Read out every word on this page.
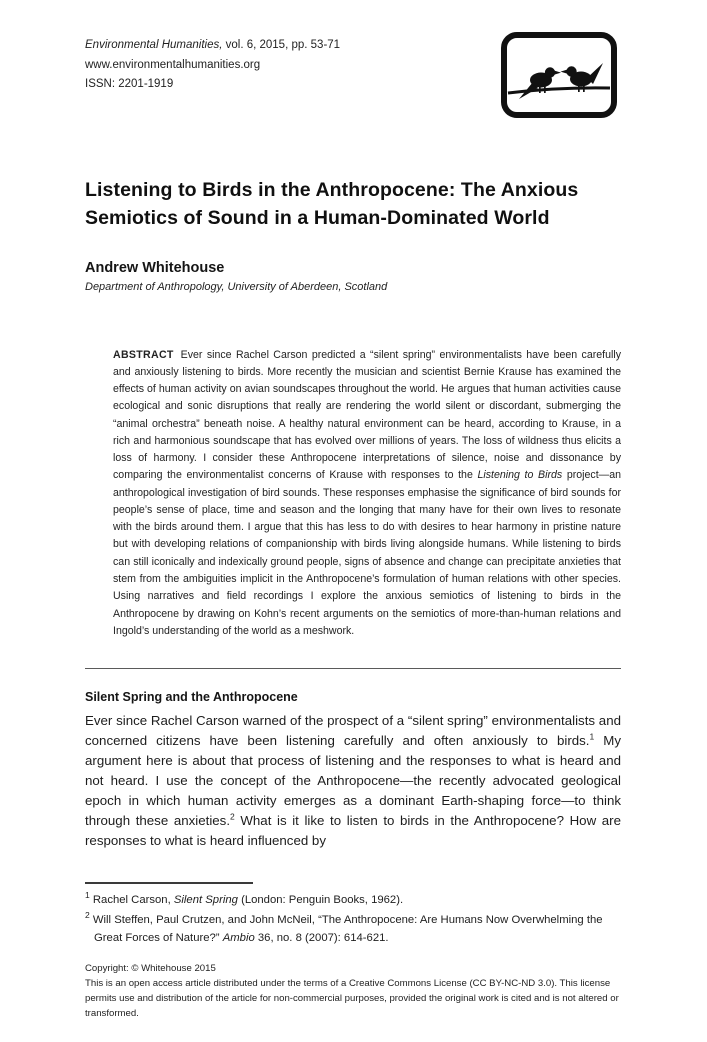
Environmental Humanities, vol. 6, 2015, pp. 53-71
www.environmentalhumanities.org
ISSN: 2201-1919
Listening to Birds in the Anthropocene: The Anxious Semiotics of Sound in a Human-Dominated World
Andrew Whitehouse
Department of Anthropology, University of Aberdeen, Scotland

ABSTRACT Ever since Rachel Carson predicted a “silent spring” environmentalists have been carefully and anxiously listening to birds. More recently the musician and scientist Bernie Krause has examined the effects of human activity on avian soundscapes throughout the world. He argues that human activities cause ecological and sonic disruptions that really are rendering the world silent or discordant, submerging the “animal orchestra” beneath noise. A healthy natural environment can be heard, according to Krause, in a rich and harmonious soundscape that has evolved over millions of years. The loss of wildness thus elicits a loss of harmony. I consider these Anthropocene interpretations of silence, noise and dissonance by comparing the environmentalist concerns of Krause with responses to the Listening to Birds project—an anthropological investigation of bird sounds. These responses emphasise the significance of bird sounds for people’s sense of place, time and season and the longing that many have for their own lives to resonate with the birds around them. I argue that this has less to do with desires to hear harmony in pristine nature but with developing relations of companionship with birds living alongside humans. While listening to birds can still iconically and indexically ground people, signs of absence and change can precipitate anxieties that stem from the ambiguities implicit in the Anthropocene’s formulation of human relations with other species. Using narratives and field recordings I explore the anxious semiotics of listening to birds in the Anthropocene by drawing on Kohn’s recent arguments on the semiotics of more-than-human relations and Ingold’s understanding of the world as a meshwork.

Silent Spring and the Anthropocene

Ever since Rachel Carson warned of the prospect of a “silent spring” environmentalists and concerned citizens have been listening carefully and often anxiously to birds.$^1$ My argument here is about that process of listening and the responses to what is heard and not heard. I use the concept of the Anthropocene—the recently advocated geological epoch in which human activity emerges as a dominant Earth-shaping force—to think through these anxieties.$^2$ What is it like to listen to birds in the Anthropocene? How are responses to what is heard influenced by

$^1$ Rachel Carson, Silent Spring (London: Penguin Books, 1962).
$^2$ Will Steffen, Paul Crutzen, and John McNeil, “The Anthropocene: Are Humans Now Overwhelming the Great Forces of Nature?” Ambio 36, no. 8 (2007): 614-621.
Copyright: © Whitehouse 2015
This is an open access article distributed under the terms of a Creative Commons License (CC BY-NC-ND 3.0). This license permits use and distribution of the article for non-commercial purposes, provided the original work is cited and is not altered or transformed.
